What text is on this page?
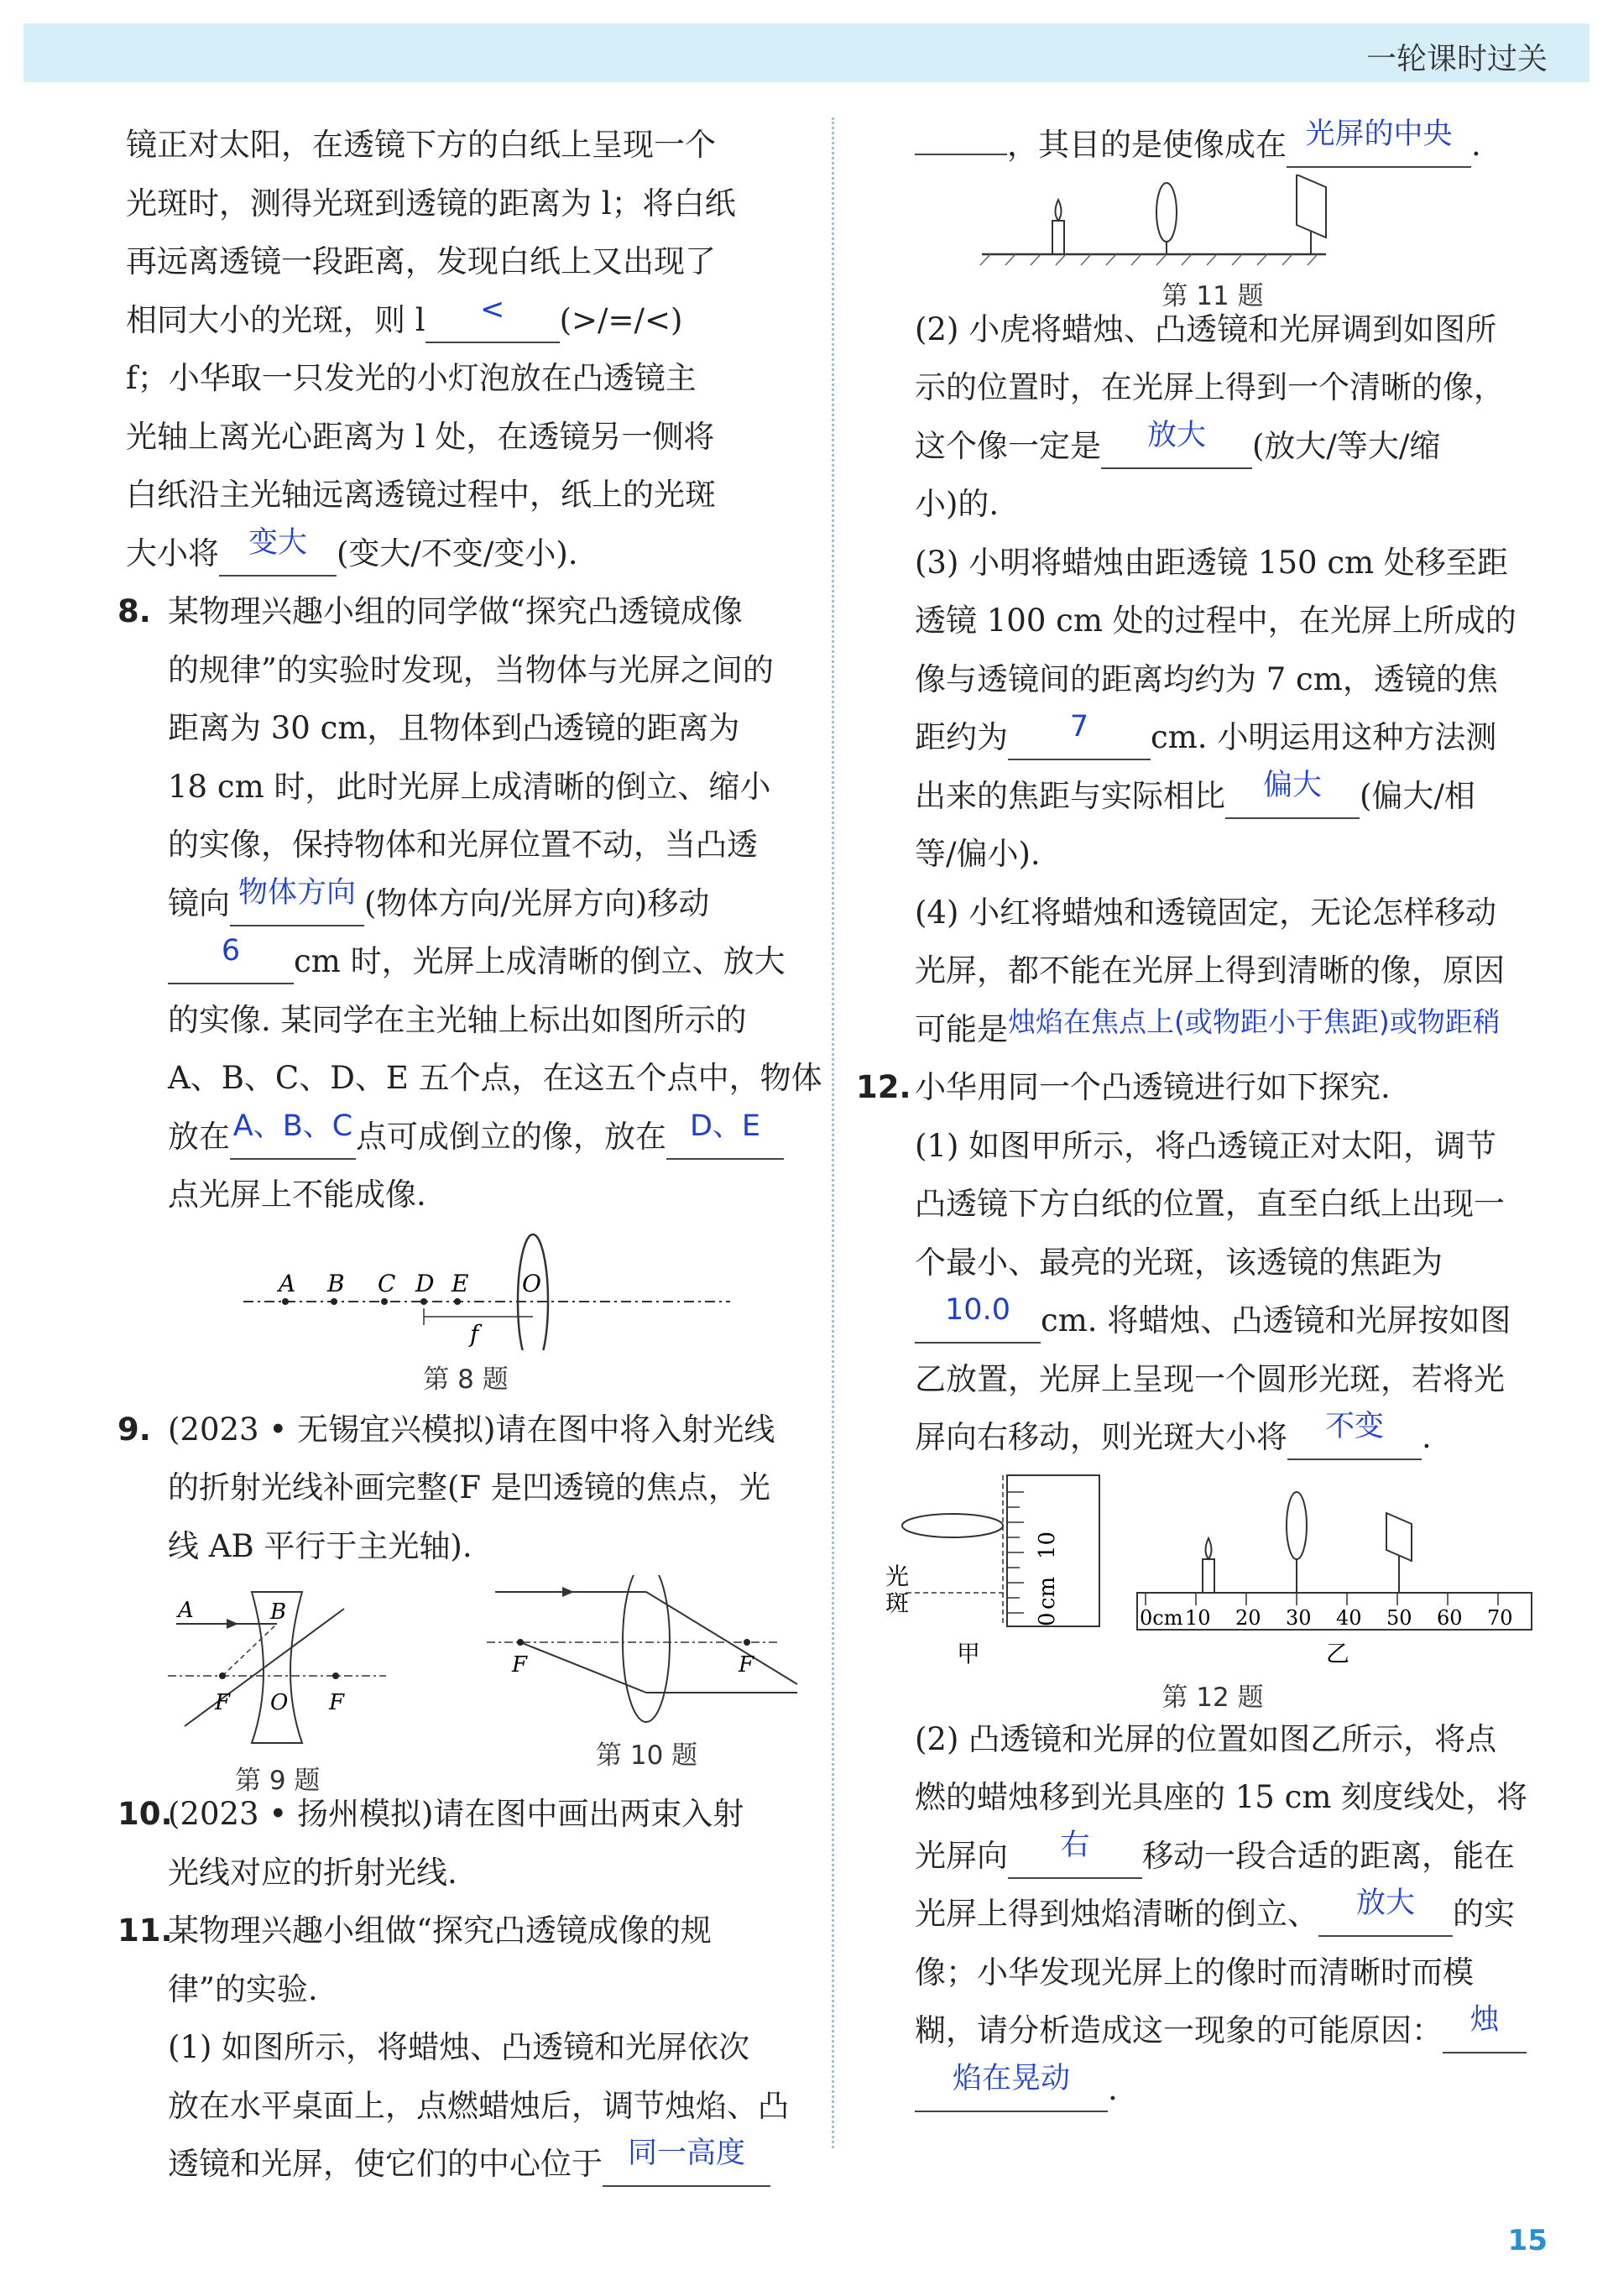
一轮课时过关
镜正对太阳，在透镜下方的白纸上呈现一个
光斑时，测得光斑到透镜的距离为 l；将白纸
再远离透镜一段距离，发现白纸上又出现了
相同大小的光斑，则 l < (>/=/<)
f；小华取一只发光的小灯泡放在凸透镜主
光轴上离光心距离为 l 处，在透镜另一侧将
白纸沿主光轴远离透镜过程中，纸上的光斑
大小将 变大 (变大/不变/变小).
8. 某物理兴趣小组的同学做“探究凸透镜成像
的规律”的实验时发现，当物体与光屏之间的
距离为 30 cm，且物体到凸透镜的距离为
18 cm 时，此时光屏上成清晰的倒立、缩小
的实像，保持物体和光屏位置不动，当凸透
镜向 物体方向 (物体方向/光屏方向)移动
6 cm 时，光屏上成清晰的倒立、放大
的实像. 某同学在主光轴上标出如图所示的
A、B、C、D、E 五个点，在这五个点中，物体
放在 A、B、C 点可成倒立的像，放在 D、E
点光屏上不能成像.
A B C D E O
f
第 8 题
9. (2023 • 无锡宜兴模拟)请在图中将入射光线
的折射光线补画完整(F 是凹透镜的焦点，光
线 AB 平行于主光轴).
A	B
F O F
F	F
第 9 题
第 10 题
10.
(2023 • 扬州模拟)请在图中画出两束入射
光线对应的折射光线.
11.
某物理兴趣小组做“探究凸透镜成像的规
律”的实验.
(1) 如图所示，将蜡烛、凸透镜和光屏依次
放在水平桌面上，点燃蜡烛后，调节烛焰、凸
透镜和光屏，使它们的中心位于 同一高度
，其目的是使像成在 光屏的中央 .
第 11 题
(2) 小虎将蜡烛、凸透镜和光屏调到如图所
示的位置时，在光屏上得到一个清晰的像，
这个像一定是 放大 (放大/等大/缩
小)的.
(3) 小明将蜡烛由距透镜 150 cm 处移至距
透镜 100 cm 处的过程中，在光屏上所成的
像与透镜间的距离均约为 7 cm，透镜的焦
距约为 7 cm. 小明运用这种方法测
出来的焦距与实际相比 偏大 (偏大/相
等/偏小).
(4) 小红将蜡烛和透镜固定，无论怎样移动
光屏，都不能在光屏上得到清晰的像，原因
可能是烛焰在焦点上(或物距小于焦距)或物距稍
12. 小华用同一个凸透镜进行如下探究.
(1) 如图甲所示，将凸透镜正对太阳，调节
凸透镜下方白纸的位置，直至白纸上出现一
个最小、最亮的光斑，该透镜的焦距为
10.0 cm. 将蜡烛、凸透镜和光屏按如图
乙放置，光屏上呈现一个圆形光斑，若将光
屏向右移动，则光斑大小将 不变 .
光
斑
0
cm
10
0cm 10 20 30 40 50 60 70
甲	乙
第 12 题
(2) 凸透镜和光屏的位置如图乙所示，将点
燃的蜡烛移到光具座的 15 cm 刻度线处，将
光屏向 右 移动一段合适的距离，能在
光屏上得到烛焰清晰的倒立、 放大 的实
像；小华发现光屏上的像时而清晰时而模
糊，请分析造成这一现象的可能原因： 烛
焰在晃动 .
15
